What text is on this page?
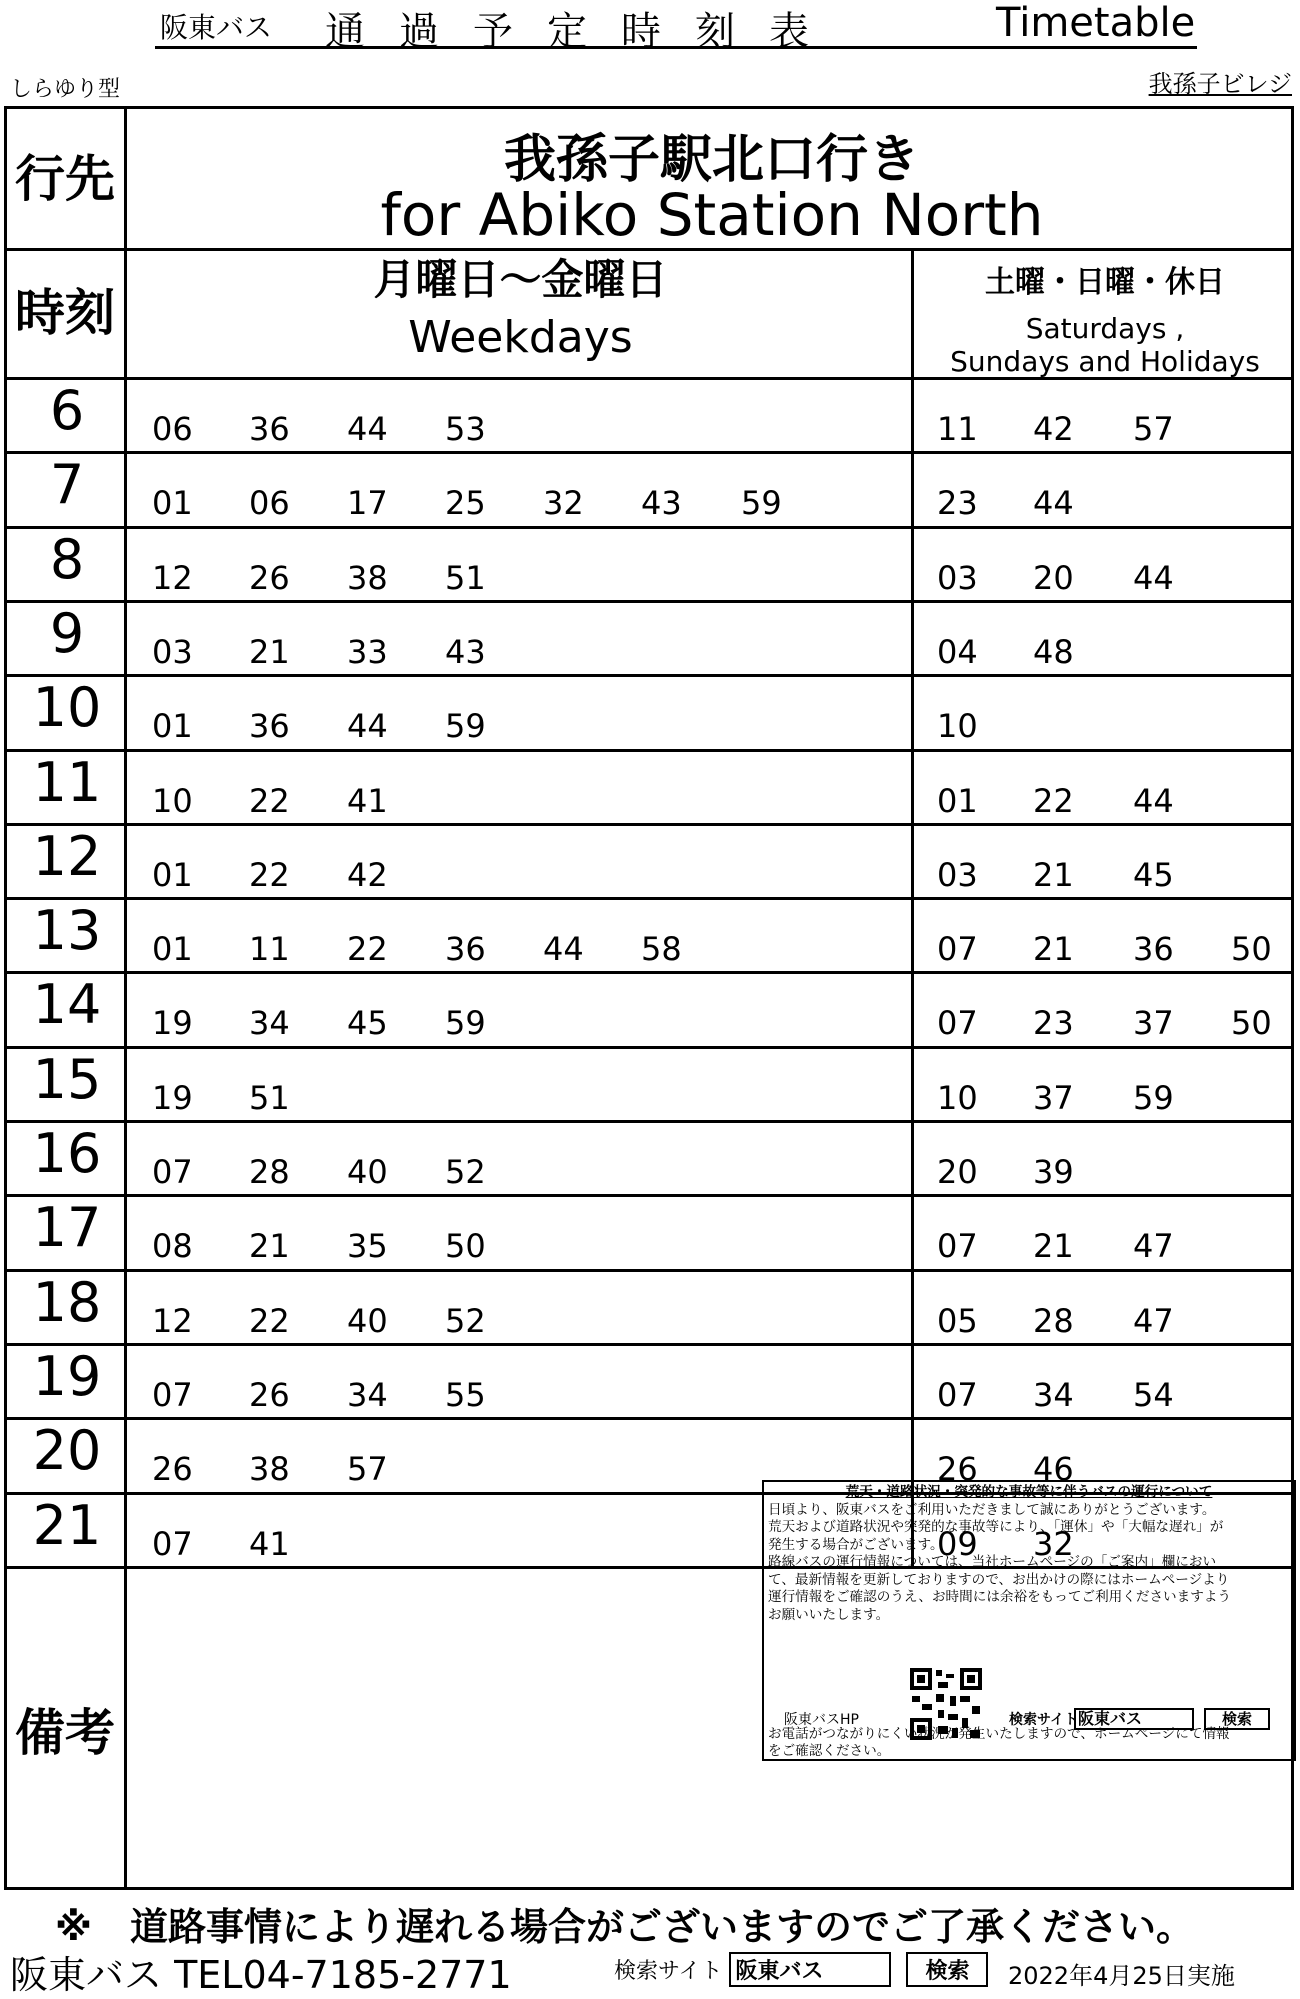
阪東バス 通過予定時刻表	Timetable
しらゆり型	我孫子ビレジ
行先
時刻
備考
我孫子駅北口行き
for Abiko Station North
月曜日～金曜日
Weekdays
土曜・日曜・休日
Saturdays ,
Sundays and Holidays
6	06 36 44 53	11 42 57
7	01 06 17 25 32 43 59	23 44
8	12 26 38 51	03 20 44
9	03 21 33 43	04 48
10	01 36 44 59	10
11	10 22 41	01 22 44
12	01 22 42	03 21 45
13	01 11 22 36 44 58	07 21 36 50
14	19 34 45 59	07 23 37 50
15	19 51	10 37 59
16	07 28 40 52	20 39
17	08 21 35 50	07 21 47
18	12 22 40 52	05 28 47
19	07 26 34 55	07 34 54
20	26 38 57	26 46
21	07 41	09 32
荒天・道路状況・突発的な事故等に伴うバスの運行について

日頃より、阪東バスをご利用いただきまして誠にありがとうございます。

荒天および道路状況や突発的な事故等により、「運休」や「大幅な遅れ」が

発生する場合がございます。

路線バスの運行情報については、当社ホームページの「ご案内」欄におい

て、最新情報を更新しておりますので、お出かけの際にはホームページより

運行情報をご確認のうえ、お時間には余裕をもってご利用くださいますよう

お願いいたします。

阪東バスHP	検索サイト 阪東バス	検索
お電話がつながりにくい状況が発生いたしますので、ホームページにて情報
をご確認ください。
※　道路事情により遅れる場合がございますのでご了承ください。
阪東バス TEL04-7185-2771	検索サイト 阪東バス	検索	2022年4月25日実施
